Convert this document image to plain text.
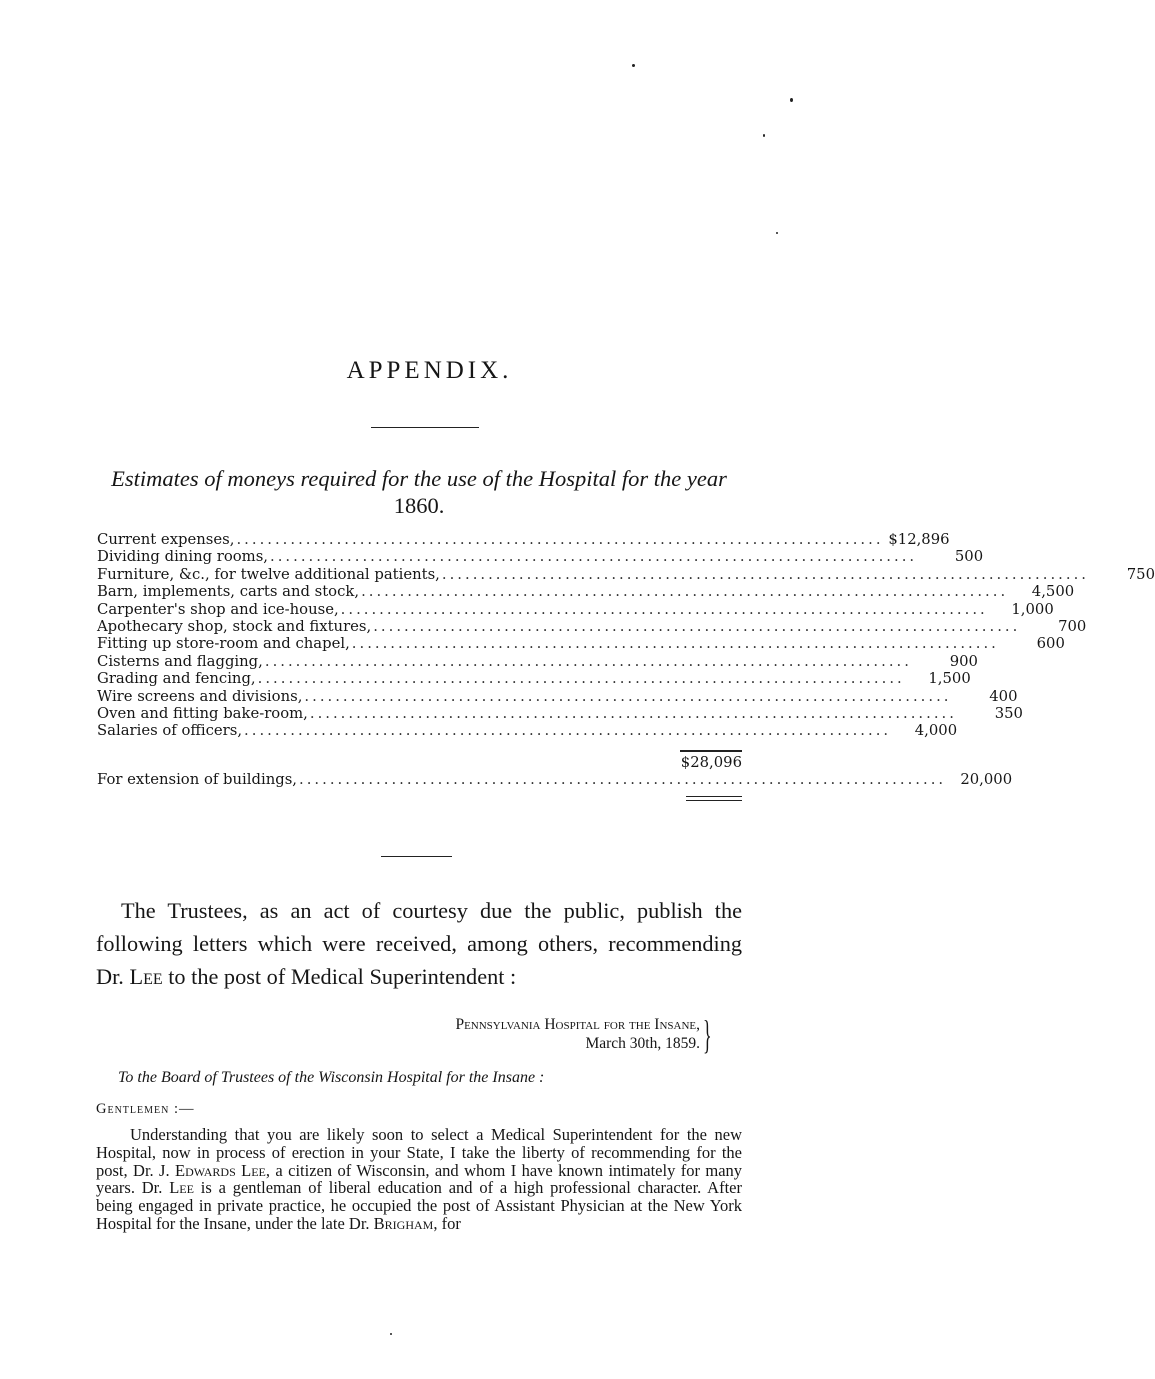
APPENDIX.

Estimates of moneys required for the use of the Hospital for the year 1860.

Current expenses, .................................................................................... $12,896
Dividing dining rooms, ....................................................................................	500
Furniture, &c., for twelve additional patients, ....................................................................................	750
Barn, implements, carts and stock, ....................................................................................	4,500
Carpenter's shop and ice-house, ....................................................................................	1,000
Apothecary shop, stock and fixtures, ....................................................................................	700
Fitting up store-room and chapel, ....................................................................................	600
Cisterns and flagging, ....................................................................................	900
Grading and fencing, ....................................................................................	1,500
Wire screens and divisions, ....................................................................................	400
Oven and fitting bake-room, ....................................................................................	350
Salaries of officers, ....................................................................................	4,000
$28,096
For extension of buildings, .................................................................................... 20,000

The Trustees, as an act of courtesy due the public, publish the following letters which were received, among others, recommending Dr. Lee to the post of Medical Superintendent :

Pennsylvania Hospital for the Insane,
March 30th, 1859. }

To the Board of Trustees of the Wisconsin Hospital for the Insane :

Gentlemen :—

Understanding that you are likely soon to select a Medical Superintendent for the new Hospital, now in process of erection in your State, I take the liberty of recommending for the post, Dr. J. Edwards Lee, a citizen of Wisconsin, and whom I have known intimately for many years. Dr. Lee is a gentleman of liberal education and of a high professional character. After being engaged in private practice, he occupied the post of Assistant Physician at the New York Hospital for the Insane, under the late Dr. Brigham, for
